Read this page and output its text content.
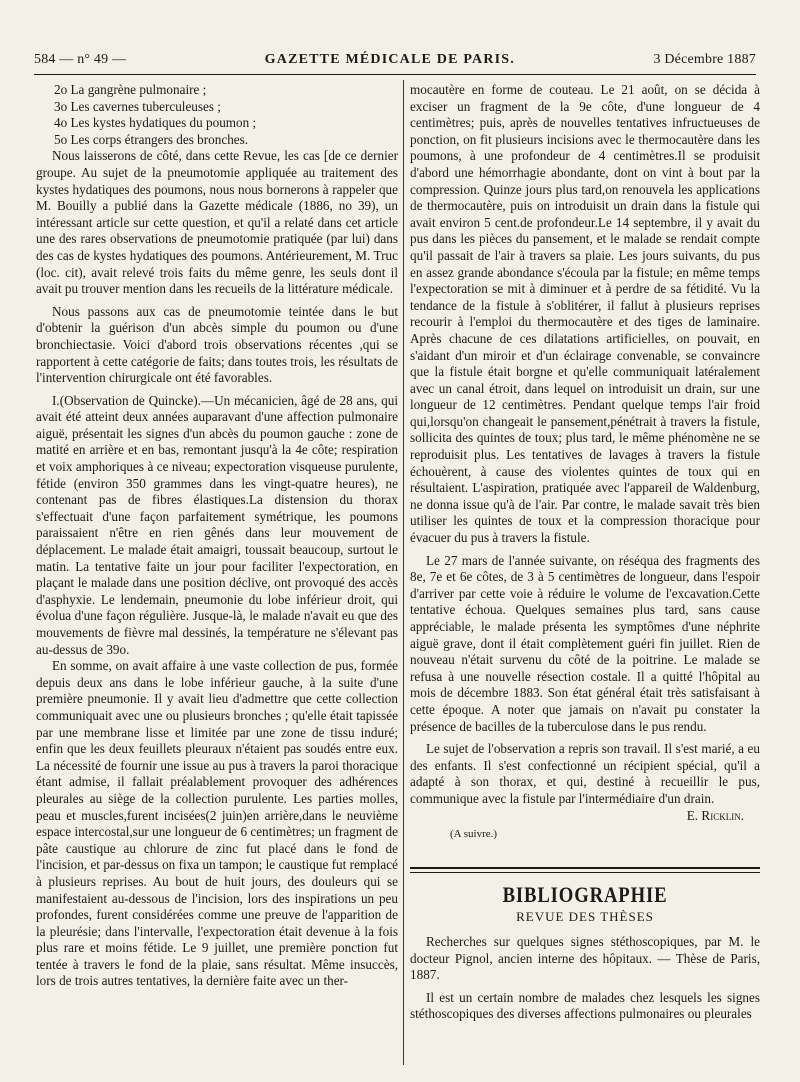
584 — n° 49 —	GAZETTE MÉDICALE DE PARIS.	3 Décembre 1887

2o La gangrène pulmonaire ;

3o Les cavernes tuberculeuses ;

4o Les kystes hydatiques du poumon ;

5o Les corps étrangers des bronches.

Nous laisserons de côté, dans cette Revue, les cas [de ce dernier groupe. Au sujet de la pneumotomie appliquée au traitement des kystes hydatiques des poumons, nous nous bornerons à rappeler que M. Bouilly a publié dans la Gazette médicale (1886, no 39), un intéressant article sur cette question, et qu'il a relaté dans cet article une des rares observations de pneumotomie pratiquée (par lui) dans des cas de kystes hydatiques des poumons. Antérieurement, M. Truc (loc. cit), avait relevé trois faits du même genre, les seuls dont il avait pu trouver mention dans les recueils de la littérature médicale.

Nous passons aux cas de pneumotomie teintée dans le but d'obtenir la guérison d'un abcès simple du poumon ou d'une bronchiectasie. Voici d'abord trois observations récentes ,qui se rapportent à cette catégorie de faits; dans toutes trois, les résultats de l'intervention chirurgicale ont été favorables.

I.(Observation de Quincke).—Un mécanicien, âgé de 28 ans, qui avait été atteint deux années auparavant d'une affection pulmonaire aiguë, présentait les signes d'un abcès du poumon gauche : zone de matité en arrière et en bas, remontant jusqu'à la 4e côte; respiration et voix amphoriques à ce niveau; expectoration visqueuse purulente, fétide (environ 350 grammes dans les vingt-quatre heures), ne contenant pas de fibres élastiques.La distension du thorax s'effectuait d'une façon parfaitement symétrique, les poumons paraissaient n'être en rien gênés dans leur mouvement de déplacement. Le malade était amaigri, toussait beaucoup, surtout le matin. La tentative faite un jour pour faciliter l'expectoration, en plaçant le malade dans une position déclive, ont provoqué des accès d'asphyxie. Le lendemain, pneumonie du lobe inférieur droit, qui évolua d'une façon régulière. Jusque-là, le malade n'avait eu que des mouvements de fièvre mal dessinés, la température ne s'élevant pas au-dessus de 39o.

En somme, on avait affaire à une vaste collection de pus, formée depuis deux ans dans le lobe inférieur gauche, à la suite d'une première pneumonie. Il y avait lieu d'admettre que cette collection communiquait avec une ou plusieurs bronches ; qu'elle était tapissée par une membrane lisse et limitée par une zone de tissu induré; enfin que les deux feuillets pleuraux n'étaient pas soudés entre eux. La nécessité de fournir une issue au pus à travers la paroi thoracique étant admise, il fallait préalablement provoquer des adhérences pleurales au siège de la collection purulente. Les parties molles, peau et muscles,furent incisées(2 juin)en arrière,dans le neuvième espace intercostal,sur une longueur de 6 centimètres; un fragment de pâte caustique au chlorure de zinc fut placé dans le fond de l'incision, et par-dessus on fixa un tampon; le caustique fut remplacé à plusieurs reprises. Au bout de huit jours, des douleurs qui se manifestaient au-dessous de l'incision, lors des inspirations un peu profondes, furent considérées comme une preuve de l'apparition de la pleurésie; dans l'intervalle, l'expectoration était devenue à la fois plus rare et moins fétide. Le 9 juillet, une première ponction fut tentée à travers le fond de la plaie, sans résultat. Même insuccès, lors de trois autres tentatives, la dernière faite avec un ther-

mocautère en forme de couteau. Le 21 août, on se décida à exciser un fragment de la 9e côte, d'une longueur de 4 centimètres; puis, après de nouvelles tentatives infructueuses de ponction, on fit plusieurs incisions avec le thermocautère dans les poumons, à une profondeur de 4 centimètres.Il se produisit d'abord une hémorrhagie abondante, dont on vint à bout par la compression. Quinze jours plus tard,on renouvela les applications de thermocautère, puis on introduisit un drain dans la fistule qui avait environ 5 cent.de profondeur.Le 14 septembre, il y avait du pus dans les pièces du pansement, et le malade se rendait compte qu'il passait de l'air à travers sa plaie. Les jours suivants, du pus en assez grande abondance s'écoula par la fistule; en même temps l'expectoration se mit à diminuer et à perdre de sa fétidité. Vu la tendance de la fistule à s'oblitérer, il fallut à plusieurs reprises recourir à l'emploi du thermocautère et des tiges de laminaire. Après chacune de ces dilatations artificielles, on pouvait, en s'aidant d'un miroir et d'un éclairage convenable, se convaincre que la fistule était borgne et qu'elle communiquait latéralement avec un canal étroit, dans lequel on introduisit un drain, sur une longueur de 12 centimètres. Pendant quelque temps l'air froid qui,lorsqu'on changeait le pansement,pénétrait à travers la fistule, sollicita des quintes de toux; plus tard, le même phénomène ne se reproduisit plus. Les tentatives de lavages à travers la fistule échouèrent, à cause des violentes quintes de toux qui en résultaient. L'aspiration, pratiquée avec l'appareil de Waldenburg, ne donna issue qu'à de l'air. Par contre, le malade savait très bien utiliser les quintes de toux et la compression thoracique pour évacuer du pus à travers la fistule.

Le 27 mars de l'année suivante, on réséqua des fragments des 8e, 7e et 6e côtes, de 3 à 5 centimètres de longueur, dans l'espoir d'arriver par cette voie à réduire le volume de l'excavation.Cette tentative échoua. Quelques semaines plus tard, sans cause appréciable, le malade présenta les symptômes d'une néphrite aiguë grave, dont il était complètement guéri fin juillet. Rien de nouveau n'était survenu du côté de la poitrine. Le malade se refusa à une nouvelle résection costale. Il a quitté l'hôpital au mois de décembre 1883. Son état général était très satisfaisant à cette époque. A noter que jamais on n'avait pu constater la présence de bacilles de la tuberculose dans le pus rendu.

Le sujet de l'observation a repris son travail. Il s'est marié, a eu des enfants. Il s'est confectionné un récipient spécial, qu'il a adapté à son thorax, et qui, destiné à recueillir le pus, communique avec la fistule par l'intermédiaire d'un drain.

E. Ricklin.

(A suivre.)

BIBLIOGRAPHIE

REVUE DES THÈSES

Recherches sur quelques signes stéthoscopiques, par M. le docteur Pignol, ancien interne des hôpitaux. — Thèse de Paris, 1887.

Il est un certain nombre de malades chez lesquels les signes stéthoscopiques des diverses affections pulmonaires ou pleurales
